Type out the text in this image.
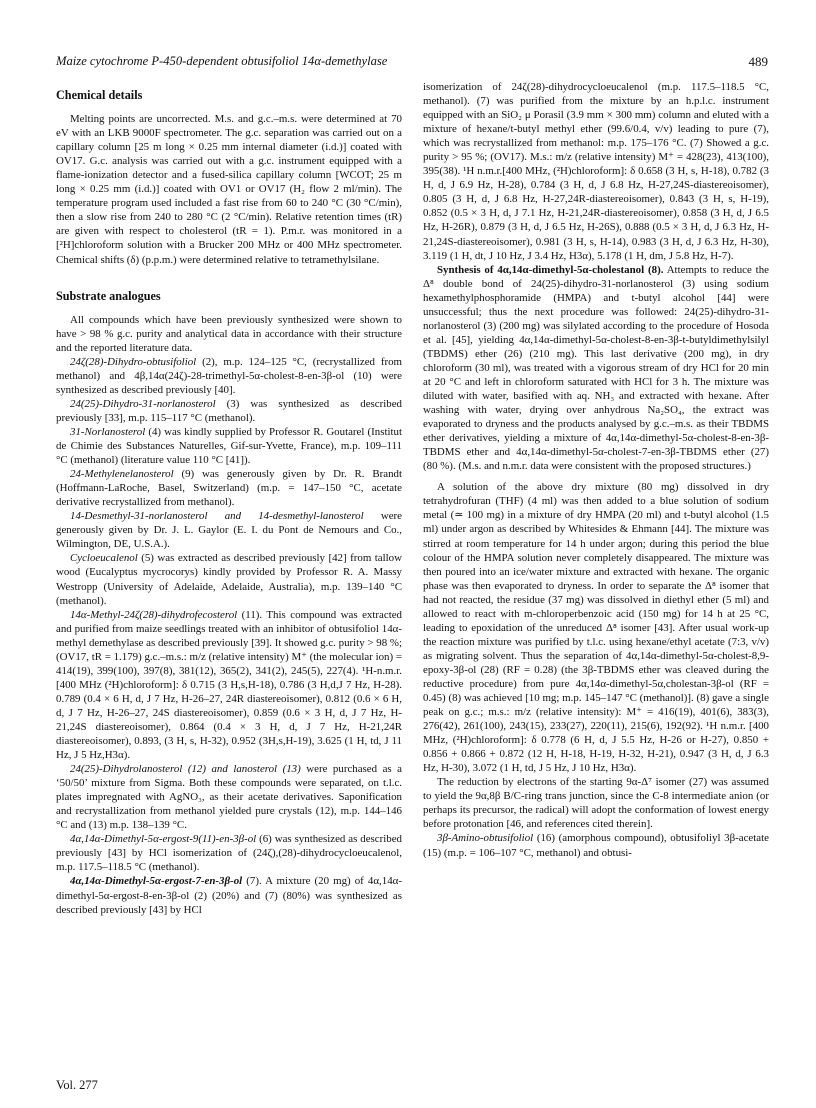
Maize cytochrome P-450-dependent obtusifoliol 14α-demethylase	489
Chemical details

Melting points are uncorrected. M.s. and g.c.–m.s. were determined at 70 eV with an LKB 9000F spectrometer. The g.c. separation was carried out on a capillary column [25 m long × 0.25 mm internal diameter (i.d.)] coated with OV17. G.c. analysis was carried out with a g.c. instrument equipped with a flame-ionization detector and a fused-silica capillary column [WCOT; 25 m long × 0.25 mm (i.d.)] coated with OV1 or OV17 (H₂ flow 2 ml/min). The temperature program used included a fast rise from 60 to 240 °C (30 °C/min), then a slow rise from 240 to 280 °C (2 °C/min). Relative retention times (tR) are given with respect to cholesterol (tR = 1). P.m.r. was monitored in a [²H]chloroform solution with a Brucker 200 MHz or 400 MHz spectrometer. Chemical shifts (δ) (p.p.m.) were determined relative to tetramethylsilane.

Substrate analogues

All compounds which have been previously synthesized were shown to have > 98 % g.c. purity and analytical data in accordance with their structure and the reported literature data.

24ζ(28)-Dihydro-obtusifoliol (2), m.p. 124–125 °C, (recrystallized from methanol) and 4β,14α(24ζ)-28-trimethyl-5α-cholest-8-en-3β-ol (10) were synthesized as described previously [40].

24(25)-Dihydro-31-norlanosterol (3) was synthesized as described previously [33], m.p. 115–117 °C (methanol).

31-Norlanosterol (4) was kindly supplied by Professor R. Goutarel (Institut de Chimie des Substances Naturelles, Gif-sur-Yvette, France), m.p. 109–111 °C (methanol) (literature value 110 °C [41]).

24-Methylenelanosterol (9) was generously given by Dr. R. Brandt (Hoffmann-LaRoche, Basel, Switzerland) (m.p. = 147–150 °C, acetate derivative recrystallized from methanol).

14-Desmethyl-31-norlanosterol and 14-desmethyl-lanosterol were generously given by Dr. J. L. Gaylor (E. I. du Pont de Nemours and Co., Wilmington, DE, U.S.A.).

Cycloeucalenol (5) was extracted as described previously [42] from tallow wood (Eucalyptus mycrocorys) kindly provided by Professor R. A. Massy Westropp (University of Adelaide, Adelaide, Australia), m.p. 139–140 °C (methanol).

14α-Methyl-24ζ(28)-dihydrofecosterol (11). This compound was extracted and purified from maize seedlings treated with an inhibitor of obtusifoliol 14α-methyl demethylase as described previously [39]. It showed g.c. purity > 98 %; (OV17, tR = 1.179) g.c.–m.s.: m/z (relative intensity) M⁺ (the molecular ion) = 414(19), 399(100), 397(8), 381(12), 365(2), 341(2), 245(5), 227(4). ¹H-n.m.r. [400 MHz (²H)chloroform]: δ 0.715 (3 H,s,H-18), 0.786 (3 H,d,J 7 Hz, H-28). 0.789 (0.4 × 6 H, d, J 7 Hz, H-26–27, 24R diastereoisomer), 0.812 (0.6 × 6 H, d, J 7 Hz, H-26–27, 24S diastereoisomer), 0.859 (0.6 × 3 H, d, J 7 Hz, H-21,24S diastereoisomer), 0.864 (0.4 × 3 H, d, J 7 Hz, H-21,24R diastereoisomer), 0.893, (3 H, s, H-32), 0.952 (3H,s,H-19), 3.625 (1 H, td, J 11 Hz, J 5 Hz,H3α).

24(25)-Dihydrolanosterol (12) and lanosterol (13) were purchased as a ‘50/50’ mixture from Sigma. Both these compounds were separated, on t.l.c. plates impregnated with AgNO₃, as their acetate derivatives. Saponification and recrystallization from methanol yielded pure crystals (12), m.p. 144–146 °C and (13) m.p. 138–139 °C.

4α,14α-Dimethyl-5α-ergost-9(11)-en-3β-ol (6) was synthesized as described previously [43] by HCl isomerization of (24ζ),(28)-dihydrocycloeucalenol, m.p. 117.5–118.5 °C (methanol).

4α,14α-Dimethyl-5α-ergost-7-en-3β-ol (7). A mixture (20 mg) of 4α,14α-dimethyl-5α-ergost-8-en-3β-ol (2) (20%) and (7) (80%) was synthesized as described previously [43] by HCl

isomerization of 24ζ(28)-dihydrocycloeucalenol (m.p. 117.5–118.5 °C, methanol). (7) was purified from the mixture by an h.p.l.c. instrument equipped with an SiO₂ μ Porasil (3.9 mm × 300 mm) column and eluted with a mixture of hexane/t-butyl methyl ether (99.6/0.4, v/v) leading to pure (7), which was recrystallized from methanol: m.p. 175–176 °C. (7) Showed a g.c. purity > 95 %; (OV17). M.s.: m/z (relative intensity) M⁺ = 428(23), 413(100), 395(38). ¹H n.m.r.[400 MHz, (²H)chloroform]: δ 0.658 (3 H, s, H-18), 0.782 (3 H, d, J 6.9 Hz, H-28), 0.784 (3 H, d, J 6.8 Hz, H-27,24S-diastereoisomer), 0.805 (3 H, d, J 6.8 Hz, H-27,24R-diastereoisomer), 0.843 (3 H, s, H-19), 0.852 (0.5 × 3 H, d, J 7.1 Hz, H-21,24R-diastereoisomer), 0.858 (3 H, d, J 6.5 Hz, H-26R), 0.879 (3 H, d, J 6.5 Hz, H-26S), 0.888 (0.5 × 3 H, d, J 6.3 Hz, H-21,24S-diastereoisomer), 0.981 (3 H, s, H-14), 0.983 (3 H, d, J 6.3 Hz, H-30), 3.119 (1 H, dt, J 10 Hz, J 3.4 Hz, H3α), 5.178 (1 H, dm, J 5.8 Hz, H-7).

Synthesis of 4α,14α-dimethyl-5α-cholestanol (8). Attempts to reduce the Δ⁸ double bond of 24(25)-dihydro-31-norlanosterol (3) using sodium hexamethylphosphoramide (HMPA) and t-butyl alcohol [44] were unsuccessful; thus the next procedure was followed: 24(25)-dihydro-31-norlanosterol (3) (200 mg) was silylated according to the procedure of Hosoda et al. [45], yielding 4α,14α-dimethyl-5α-cholest-8-en-3β-t-butyldimethylsilyl (TBDMS) ether (26) (210 mg). This last derivative (200 mg), in dry chloroform (30 ml), was treated with a vigorous stream of dry HCl for 20 min at 20 °C and left in chloroform saturated with HCl for 3 h. The mixture was diluted with water, basified with aq. NH₃ and extracted with hexane. After washing with water, drying over anhydrous Na₂SO₄, the extract was evaporated to dryness and the products analysed by g.c.–m.s. as their TBDMS ether derivatives, yielding a mixture of 4α,14α-dimethyl-5α-cholest-8-en-3β-TBDMS ether and 4α,14α-dimethyl-5α-cholest-7-en-3β-TBDMS ether (27) (80 %). (M.s. and n.m.r. data were consistent with the proposed structures.)

A solution of the above dry mixture (80 mg) dissolved in dry tetrahydrofuran (THF) (4 ml) was then added to a blue solution of sodium metal (≃ 100 mg) in a mixture of dry HMPA (20 ml) and t-butyl alcohol (1.5 ml) under argon as described by Whitesides & Ehmann [44]. The mixture was stirred at room temperature for 14 h under argon; during this period the blue colour of the HMPA solution never completely disappeared. The mixture was then poured into an ice/water mixture and extracted with hexane. The organic phase was then evaporated to dryness. In order to separate the Δ⁸ isomer that had not reacted, the residue (37 mg) was dissolved in diethyl ether (5 ml) and allowed to react with m-chloroperbenzoic acid (150 mg) for 14 h at 25 °C, leading to epoxidation of the unreduced Δ⁸ isomer [43]. After usual work-up the reaction mixture was purified by t.l.c. using hexane/ethyl acetate (7:3, v/v) as migrating solvent. Thus the separation of 4α,14α-dimethyl-5α-cholest-8,9-epoxy-3β-ol (28) (RF = 0.28) (the 3β-TBDMS ether was cleaved during the reductive procedure) from pure 4α,14α-dimethyl-5α,cholestan-3β-ol (RF = 0.45) (8) was achieved [10 mg; m.p. 145–147 °C (methanol)]. (8) gave a single peak on g.c.; m.s.: m/z (relative intensity): M⁺ = 416(19), 401(6), 383(3), 276(42), 261(100), 243(15), 233(27), 220(11), 215(6), 192(92). ¹H n.m.r. [400 MHz, (²H)chloroform]: δ 0.778 (6 H, d, J 5.5 Hz, H-26 or H-27), 0.850 + 0.856 + 0.866 + 0.872 (12 H, H-18, H-19, H-32, H-21), 0.947 (3 H, d, J 6.3 Hz, H-30), 3.072 (1 H, td, J 5 Hz, J 10 Hz, H3α).

The reduction by electrons of the starting 9α-Δ⁷ isomer (27) was assumed to yield the 9α,8β B/C-ring trans junction, since the C-8 intermediate anion (or perhaps its precursor, the radical) will adopt the conformation of lowest energy before protonation [46, and references cited therein].

3β-Amino-obtusifoliol (16) (amorphous compound), obtusifoliyl 3β-acetate (15) (m.p. = 106–107 °C, methanol) and obtusi-

Vol. 277
